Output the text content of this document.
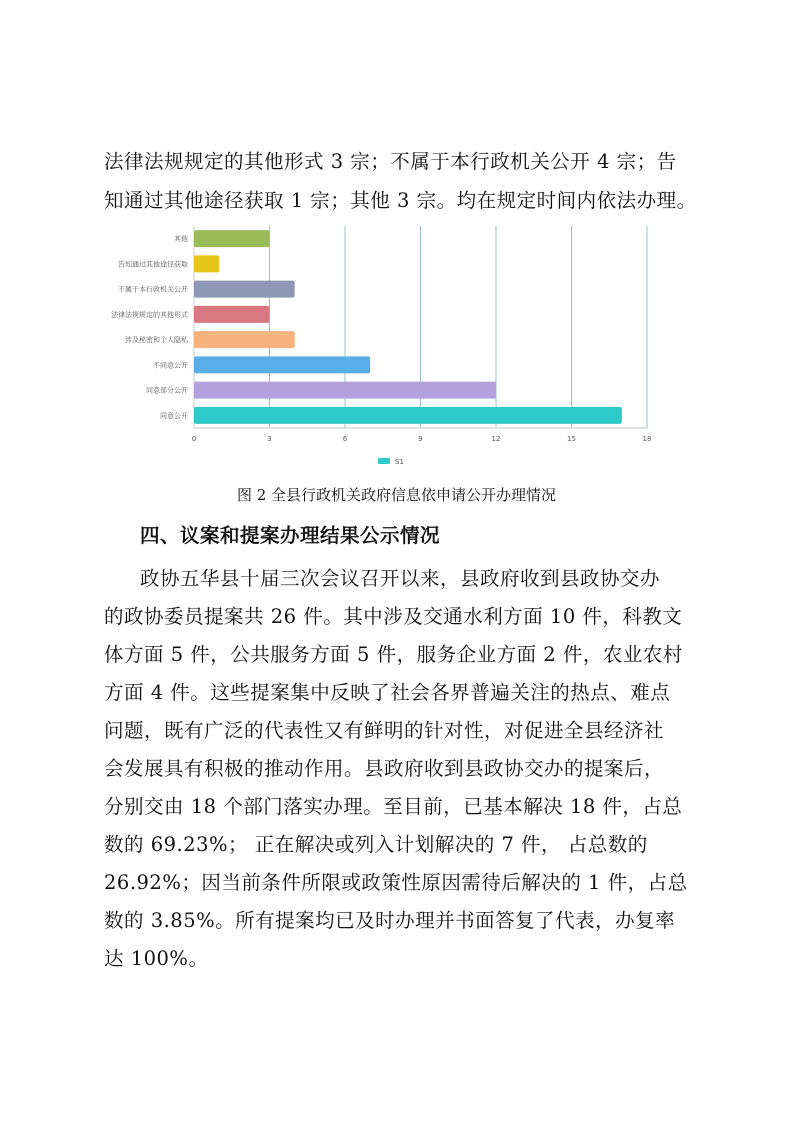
法律法规规定的其他形式 3 宗；不属于本行政机关公开 4 宗；告
知通过其他途径获取 1 宗；其他 3 宗。均在规定时间内依法办理。
0	3	6	9	12	15	18
其他
告知通过其他途径获取
不属于本行政机关公开
法律法规规定的其他形式
涉及秘密和个人隐私
不同意公开
同意部分公开
同意公开
S1
图 2 全县行政机关政府信息依申请公开办理情况
四、议案和提案办理结果公示情况
政协五华县十届三次会议召开以来，县政府收到县政协交办
的政协委员提案共 26 件。其中涉及交通水利方面 10 件，科教文
体方面 5 件，公共服务方面 5 件，服务企业方面 2 件，农业农村
方面 4 件。这些提案集中反映了社会各界普遍关注的热点、难点
问题，既有广泛的代表性又有鲜明的针对性，对促进全县经济社
会发展具有积极的推动作用。县政府收到县政协交办的提案后，
分别交由 18 个部门落实办理。至目前，已基本解决 18 件，占总
数的 69.23%； 正在解决或列入计划解决的 7 件， 占总数的
26.92%；因当前条件所限或政策性原因需待后解决的 1 件，占总
数的 3.85%。所有提案均已及时办理并书面答复了代表，办复率
达 100%。
